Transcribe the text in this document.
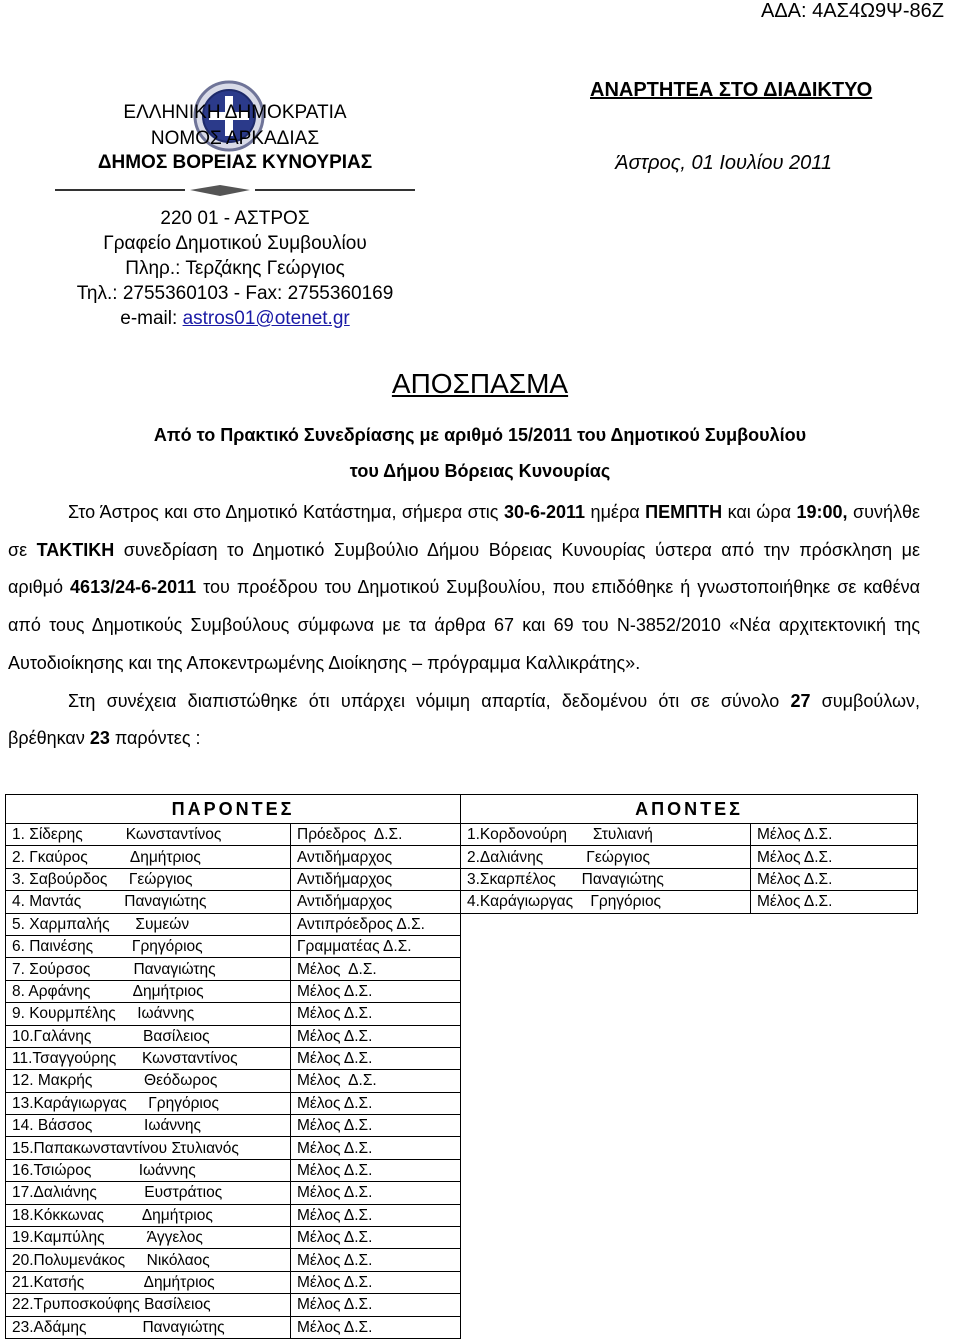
ΑΔΑ: 4ΑΣ4Ω9Ψ-86Ζ
ΕΛΛΗΝΙΚΗ ΔΗΜΟΚΡΑΤΙΑ
ΝΟΜΟΣ ΑΡΚΑΔΙΑΣ
ΔΗΜΟΣ ΒΟΡΕΙΑΣ ΚΥΝΟΥΡΙΑΣ
220 01 - ΑΣΤΡΟΣ
Γραφείο Δημοτικού Συμβουλίου
Πληρ.: Τερζάκης Γεώργιος
Τηλ.: 2755360103 - Fax: 2755360169
e-mail: astros01@otenet.gr
ΑΝΑΡΤΗΤΕΑ ΣΤΟ ΔΙΑΔΙΚΤΥΟ
Άστρος, 01 Ιουλίου 2011
ΑΠΟΣΠΑΣΜΑ
Από το Πρακτικό Συνεδρίασης με αριθμό 15/2011 του Δημοτικού Συμβουλίου
του Δήμου Βόρειας Κυνουρίας

Στο Άστρος και στο Δημοτικό Κατάστημα, σήμερα στις 30-6-2011 ημέρα ΠΕΜΠΤΗ και ώρα 19:00, συνήλθε σε ΤΑΚΤΙΚΗ συνεδρίαση το Δημοτικό Συμβούλιο Δήμου Βόρειας Κυνουρίας ύστερα από την πρόσκληση με αριθμό 4613/24-6-2011 του προέδρου του Δημοτικού Συμβουλίου, που επιδόθηκε ή γνωστοποιήθηκε σε καθένα από τους Δημοτικούς Συμβούλους σύμφωνα με τα άρθρα 67 και 69 του Ν-3852/2010 «Νέα αρχιτεκτονική της Αυτοδιοίκησης και της Αποκεντρωμένης Διοίκησης – πρόγραμμα Καλλικράτης».

Στη συνέχεια διαπιστώθηκε ότι υπάρχει νόμιμη απαρτία, δεδομένου ότι σε σύνολο 27 συμβούλων, βρέθηκαν 23 παρόντες :

ΠΑΡΟΝΤΕΣ		ΑΠΟΝΤΕΣ	
1. Σίδερης          Κωνσταντίνος	Πρόεδρος  Δ.Σ.	1.Κορδονούρη      Στυλιανή	Μέλος Δ.Σ.
2. Γκαύρος          Δημήτριος	Αντιδήμαρχος	2.Δαλιάνης          Γεώργιος	Μέλος Δ.Σ.
3. Σαβούρδος     Γεώργιος	Αντιδήμαρχος	3.Σκαρπέλος      Παναγιώτης	Μέλος Δ.Σ.
4. Μαντάς          Παναγιώτης	Αντιδήμαρχος	4.Καράγιωργας    Γρηγόριος	Μέλος Δ.Σ.
5. Χαρμπαλής      Συμεών	Αντιπρόεδρος Δ.Σ.		
6. Παινέσης         Γρηγόριος	Γραμματέας Δ.Σ.		
7. Σούρσος          Παναγιώτης	Μέλος  Δ.Σ.		
8. Αρφάνης          Δημήτριος	Μέλος Δ.Σ.		
9. Κουρμπέλης     Ιωάννης	Μέλος Δ.Σ.		
10.Γαλάνης            Βασίλειος	Μέλος Δ.Σ.		
11.Τσαγγούρης      Κωνσταντίνος	Μέλος Δ.Σ.		
12. Μακρής            Θεόδωρος	Μέλος  Δ.Σ.		
13.Καράγιωργας     Γρηγόριος	Μέλος Δ.Σ.		
14. Βάσσος            Ιωάννης	Μέλος Δ.Σ.		
15.Παπακωνσταντίνου Στυλιανός	Μέλος Δ.Σ.		
16.Τσιώρος           Ιωάννης	Μέλος Δ.Σ.		
17.Δαλιάνης           Ευστράτιος	Μέλος Δ.Σ.		
18.Κόκκωνας         Δημήτριος	Μέλος Δ.Σ.		
19.Καμπύλης          Άγγελος	Μέλος Δ.Σ.		
20.Πολυμενάκος     Νικόλαος	Μέλος Δ.Σ.		
21.Κατσής              Δημήτριος	Μέλος Δ.Σ.		
22.Τρυποσκούφης Βασίλειος	Μέλος Δ.Σ.		
23.Αδάμης             Παναγιώτης	Μέλος Δ.Σ.		
